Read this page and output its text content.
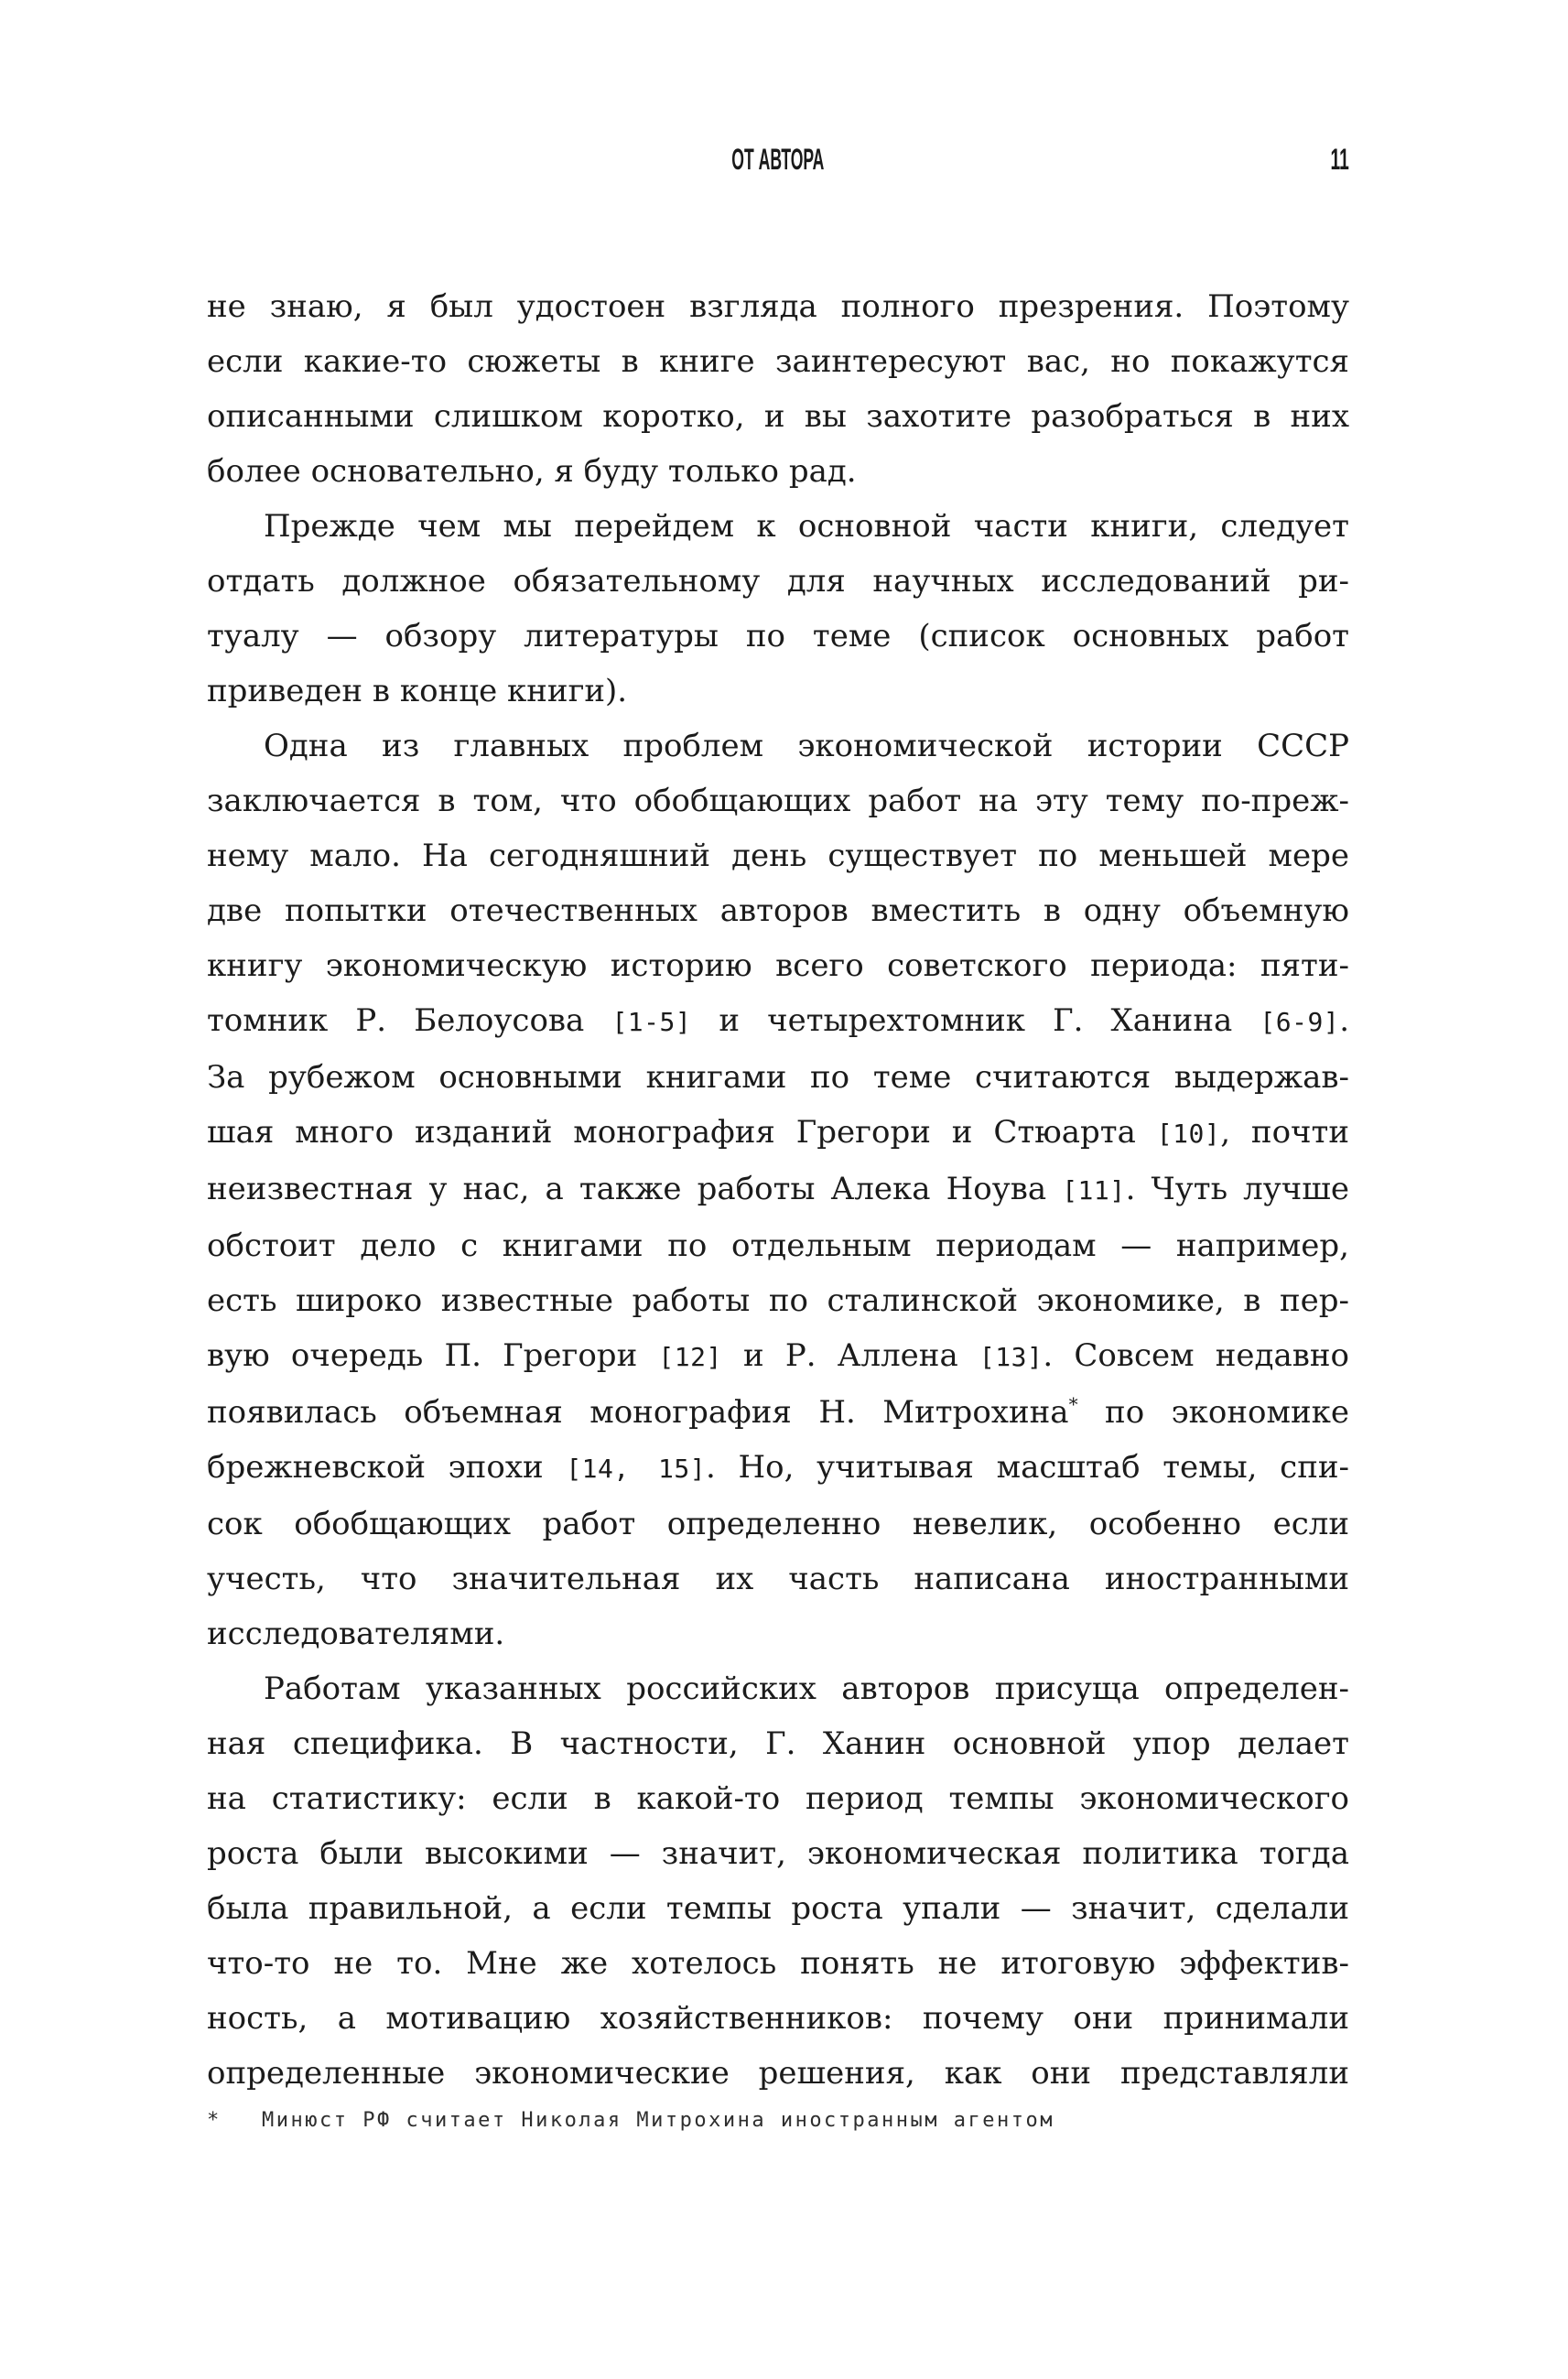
ОТ АВТОРА	11
не знаю, я был удостоен взгляда полного презрения. Поэтому
если какие-то сюжеты в книге заинтересуют вас, но покажутся
описанными слишком коротко, и вы захотите разобраться в них
более основательно, я буду только рад.
Прежде чем мы перейдем к основной части книги, следует
отдать должное обязательному для научных исследований ри-
туалу — обзору литературы по теме (список основных работ
приведен в конце книги).
Одна из главных проблем экономической истории СССР
заключается в том, что обобщающих работ на эту тему по-преж-
нему мало. На сегодняшний день существует по меньшей мере
две попытки отечественных авторов вместить в одну объемную
книгу экономическую историю всего советского периода: пяти-
томник Р. Белоусова [1-5] и четырехтомник Г. Ханина [6-9].
За рубежом основными книгами по теме считаются выдержав-
шая много изданий монография Грегори и Стюарта [10], почти
неизвестная у нас, а также работы Алека Ноува [11]. Чуть лучше
обстоит дело с книгами по отдельным периодам — например,
есть широко известные работы по сталинской экономике, в пер-
вую очередь П. Грегори [12] и Р. Аллена [13]. Совсем недавно
появилась объемная монография Н. Митрохина* по экономике
брежневской эпохи [14, 15]. Но, учитывая масштаб темы, спи-
сок обобщающих работ определенно невелик, особенно если
учесть, что значительная их часть написана иностранными
исследователями.
Работам указанных российских авторов присуща определен-
ная специфика. В частности, Г. Ханин основной упор делает
на статистику: если в какой-то период темпы экономического
роста были высокими — значит, экономическая политика тогда
была правильной, а если темпы роста упали — значит, сделали
что-то не то. Мне же хотелось понять не итоговую эффектив-
ность, а мотивацию хозяйственников: почему они принимали
определенные экономические решения, как они представляли
*	Минюст РФ считает Николая Митрохина иностранным агентом
